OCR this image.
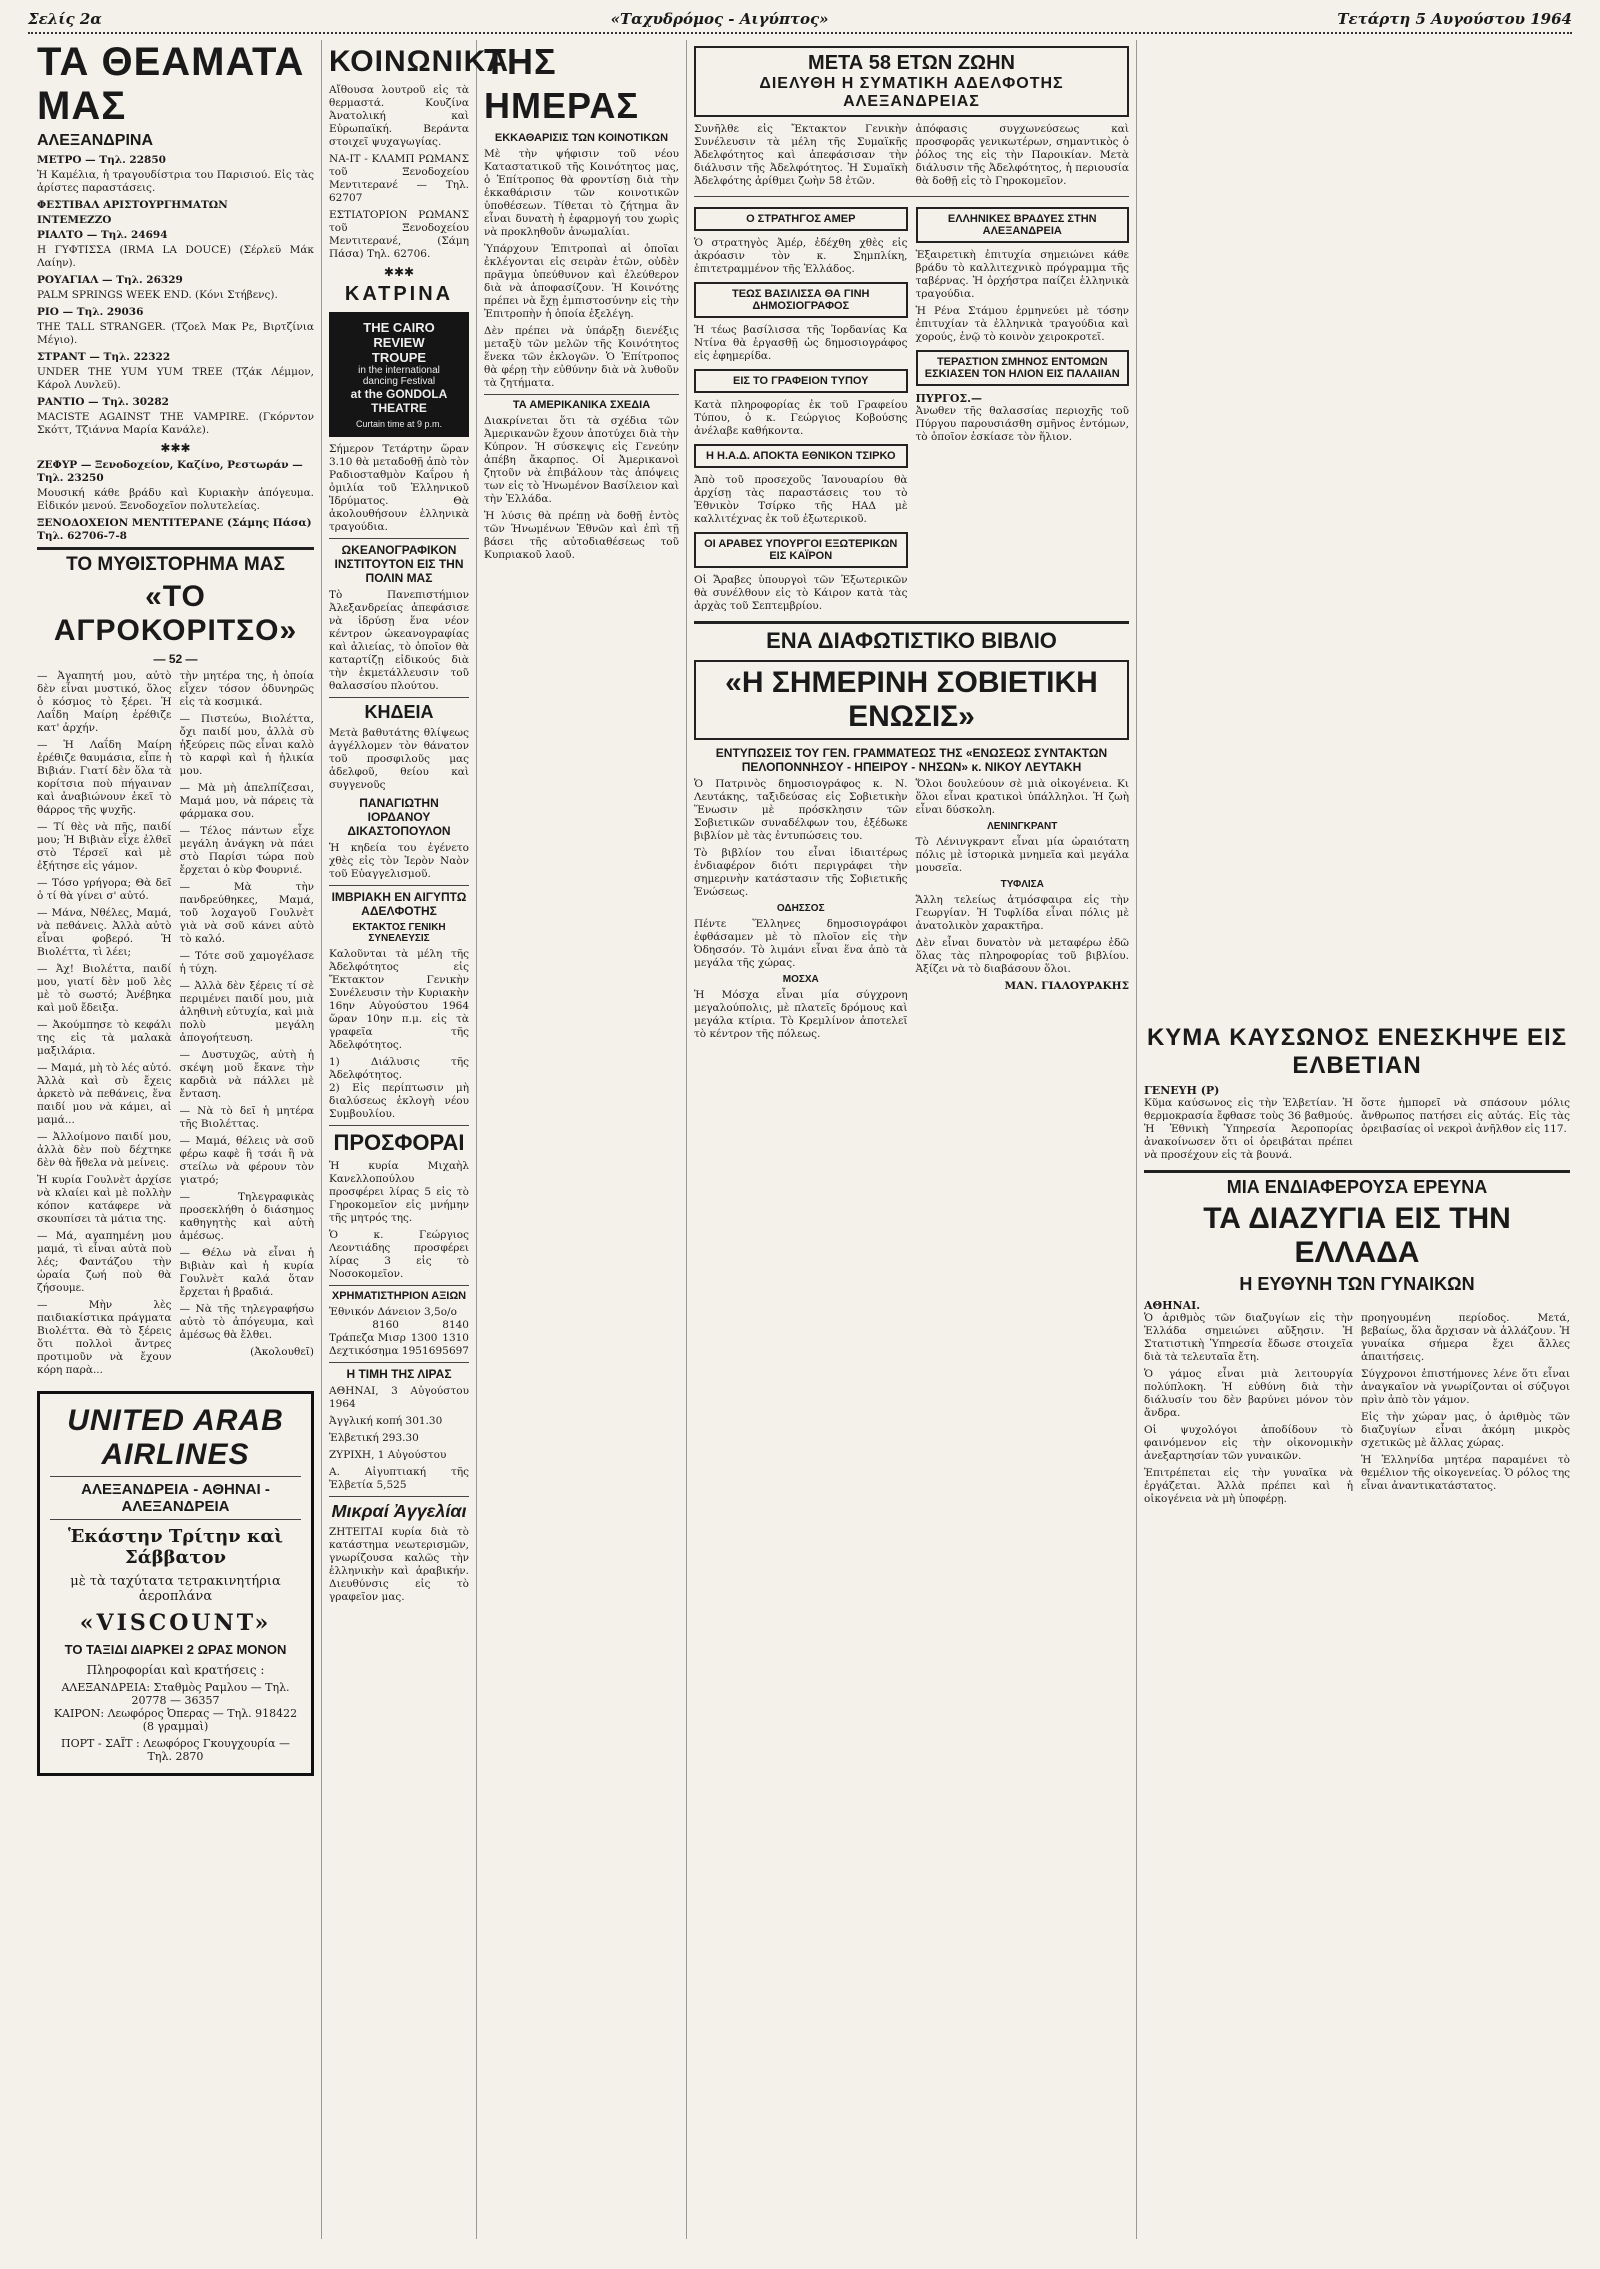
Σελίς 2α	«Ταχυδρόμος - Αιγύπτος»	Τετάρτη 5 Αυγούστου 1964
ΤΑ ΘΕΑΜΑΤΑ ΜΑΣ
ΑΛΕΞΑΝΔΡΙΝΑ
ΜΕΤΡΟ — Τηλ. 22850

Ἡ Καμέλια, ἡ τραγουδίστρια του Παρισιού. Εἰς τὰς ἀρίστες παραστάσεις.

ΦΕΣΤΙΒΑΛ ΑΡΙΣΤΟΥΡΓΗΜΑΤΩΝ
ΙΝΤΕΜΕΖΖΟ
ΡΙΑΛΤΟ — Τηλ. 24694

Η ΓΥΦΤΙΣΣΑ (IRMA LA DOUCE) (Σέρλεϋ Μάκ Λαίην).

ΡΟΥΑΓΙΑΛ — Τηλ. 26329

PALM SPRINGS WEEK END. (Κόνι Στήβενς).

ΡΙΟ — Τηλ. 29036

THE TALL STRANGER. (Τζοελ Μακ Ρε, Βιρτζίνια Μέγιο).

ΣΤΡΑΝΤ — Τηλ. 22322

UNDER THE YUM YUM TREE (Τζάκ Λέμμον, Κάρολ Λυνλεϋ).

ΡΑΝΤΙΟ — Τηλ. 30282

MACISTE AGAINST THE VAMPIRE. (Γκόρντον Σκόττ, Τζιάννα Μαρία Κανάλε).

✱✱✱
ΖΕΦΥΡ — Ξενοδοχείον, Καζίνο, Ρεστωράν — Τηλ. 23250

Μουσική κάθε βράδυ καὶ Κυριακὴν ἀπόγευμα. Εἰδικόν μενού. Ξενοδοχεῖον πολυτελείας.

ΞΕΝΟΔΟΧΕΙΟΝ ΜΕΝΤΙΤΕΡΑΝΕ (Σάμης Πάσα) Τηλ. 62706-7-8
ΤΟ ΜΥΘΙΣΤΟΡΗΜΑ ΜΑΣ
«ΤΟ ΑΓΡΟΚΟΡΙΤΣΟ»
— 52 —

— Ἀγαπητή μου, αὐτὸ δὲν εἶναι μυστικό, ὅλος ὁ κόσμος τὸ ξέρει. Ἡ Λαΐδη Μαίρη ἐρέθιζε κατ' ἀρχήν.

— Ἡ Λαΐδη Μαίρη ἐρέθιζε θαυμάσια, εἶπε ἡ Βιβιάν. Γιατί δὲν ὅλα τὰ κορίτσια ποὺ πήγαιναν καὶ ἀναβιώνουν ἐκεῖ τὸ θάρρος τῆς ψυχῆς.

— Τί θὲς νὰ πῆς, παιδί μου; Ἡ Βιβιὰν εἶχε ἐλθεῖ στὸ Τέρσεϊ καὶ μὲ ἐξήτησε εἰς γάμον.

— Τόσο γρήγορα; Θὰ δεῖ ὁ τί θὰ γίνει σ' αὐτό.

— Μάνα, Νθέλες, Μαμά, νὰ πεθάνεις. Ἀλλὰ αὐτὸ εἶναι φοβερό. Ἡ Βιολέττα, τὶ λέει;

— Ἀχ! Βιολέττα, παιδί μου, γιατί δὲν μοῦ λὲς μὲ τὸ σωστό; Ἀνέβηκα καὶ μοῦ ἔδειξα.

— Ἀκούμπησε τὸ κεφάλι της εἰς τὰ μαλακὰ μαξιλάρια.

— Μαμά, μὴ τὸ λές αὐτό. Ἀλλὰ καὶ σὺ ἔχεις ἀρκετὸ νὰ πεθάνεις, ἕνα παιδί μου νὰ κάμει, αἰ μαμά...

— Ἀλλοίμονο παιδί μου, ἀλλὰ δὲν ποὺ δέχτηκε δὲν θὰ ἤθελα νὰ μείνεις.

Ἡ κυρία Γουλνὲτ ἀρχίσε νὰ κλαίει καὶ μὲ πολλὴν κόπον κατάφερε νὰ σκουπίσει τὰ μάτια της.

— Μά, αγαπημένη μου μαμά, τὶ εἶναι αὐτὰ ποὺ λές; Φαντάζου τὴν ὡραία ζωή ποὺ θὰ ζήσουμε.

— Μὴν λὲς παιδιακίστικα πράγματα Βιολέττα. Θὰ τὸ ξέρεις ὅτι πολλοὶ ἄντρες προτιμοῦν νὰ ἔχουν κόρη παρὰ...

τὴν μητέρα της, ἡ ὁποία εἶχεν τόσον ὀδυνηρῶς εἰς τὰ κοσμικά.

— Πιστεύω, Βιολέττα, ὄχι παιδί μου, ἀλλὰ σὺ ἠξεύρεις πῶς εἶναι καλὸ τὸ καρφὶ καὶ ἡ ἡλικία μου.

— Μὰ μὴ ἀπελπίζεσαι, Μαμά μου, νὰ πάρεις τὰ φάρμακα σου.

— Τέλος πάντων εἶχε μεγάλη ἀνάγκη νὰ πάει στὸ Παρίσι τώρα ποὺ ἔρχεται ὁ κὺρ Φουρνιέ.

— Μὰ τὴν πανδρεύθηκες, Μαμά, τοῦ λοχαγοῦ Γουλνὲτ γιὰ νὰ σοῦ κάνει αὐτὸ τὸ καλό.

— Τότε σοῦ χαμογέλασε ἡ τύχη.

— Ἀλλὰ δὲν ξέρεις τί σὲ περιμένει παιδί μου, μιὰ ἀληθινὴ εὐτυχία, καὶ μιὰ πολὺ μεγάλη ἀπογοήτευση.

— Δυστυχῶς, αὐτὴ ἡ σκέψη μοῦ ἔκανε τὴν καρδιὰ νὰ πάλλει μὲ ἔνταση.

— Νὰ τὸ δεῖ ἡ μητέρα τῆς Βιολέττας.

— Μαμά, θέλεις νὰ σοῦ φέρω καφὲ ἢ τσάι ἢ νὰ στείλω νὰ φέρουν τὸν γιατρό;

— Τηλεγραφικὰς προσεκλήθη ὁ διάσημος καθηγητὴς καὶ αὐτὴ ἀμέσως.

— Θέλω νὰ εἶναι ἡ Βιβιὰν καὶ ἡ κυρία Γουλνὲτ καλά ὅταν ἔρχεται ἡ βραδιά.

— Νὰ τῆς τηλεγραφήσω αὐτὸ τὸ ἀπόγευμα, καὶ ἀμέσως θὰ ἔλθει.

(Ἀκολουθεῖ)

UNITED ARAB AIRLINES
ΑΛΕΞΑΝΔΡΕΙΑ - ΑΘΗΝΑΙ - ΑΛΕΞΑΝΔΡΕΙΑ
Ἑκάστην Τρίτην καὶ Σάββατον
μὲ τὰ ταχύτατα τετρακινητήρια ἀεροπλάνα
«VISCOUNT»
ΤΟ ΤΑΞΙΔΙ ΔΙΑΡΚΕΙ 2 ΩΡΑΣ ΜΟΝΟΝ
Πληροφορίαι καὶ κρατήσεις :
ΑΛΕΞΑΝΔΡΕΙΑ: Σταθμὸς Ραμλου — Τηλ. 20778 — 36357
ΚΑΙΡΟΝ: Λεωφόρος Ὀπερας — Τηλ. 918422 (8 γραμμαὶ)
ΠΟΡΤ - ΣΑΪΤ : Λεωφόρος Γκουγχουρία — Τηλ. 2870
ΚΟΙΝΩΝΙΚΑ

Αἴθουσα λουτροῦ εἰς τὰ θερμαστά. Κουζίνα Ἀνατολική καὶ Εὐρωπαϊκή. Βεράντα στοιχεῖ ψυχαγωγίας.

ΝΑ-ΙΤ - ΚΛΑΜΠ ΡΩΜΑΝΣ τοῦ Ξενοδοχείου Μεντιτερανέ — Τηλ. 62707

ΕΣΤΙΑΤΟΡΙΟΝ ΡΩΜΑΝΣ τοῦ Ξενοδοχείου Μεντιτερανέ, (Σάμη Πάσα) Τηλ. 62706.

✱✱✱
ΚΑΤΡΙΝΑ
THE CAIRO REVIEW
TROUPE
in the international
dancing Festival
at the GONDOLA
THEATRE
Curtain time at 9 p.m.

Σήμερον Τετάρτην ὥραν 3.10 θὰ μεταδοθῇ ἀπὸ τὸν Ραδιοσταθμὸν Καΐρου ἡ ὁμιλία τοῦ Ἑλληνικοῦ Ἱδρύματος. Θὰ ἀκολουθήσουν ἑλληνικὰ τραγούδια.

ΩΚΕΑΝΟΓΡΑΦΙΚΟΝ ΙΝΣΤΙΤΟΥΤΟΝ ΕΙΣ ΤΗΝ ΠΟΛΙΝ ΜΑΣ

Τὸ Πανεπιστήμιον Ἀλεξανδρείας ἀπεφάσισε νὰ ἱδρύσῃ ἕνα νέον κέντρον ὠκεανογραφίας καὶ ἁλιείας, τὸ ὁποῖον θὰ καταρτίζῃ εἰδικούς διὰ τὴν ἐκμετάλλευσιν τοῦ θαλασσίου πλούτου.

ΚΗΔΕΙΑ

Μετὰ βαθυτάτης θλίψεως ἀγγέλλομεν τὸν θάνατον τοῦ προσφιλοῦς μας ἀδελφοῦ, θείου καὶ συγγενοῦς

ΠΑΝΑΓΙΩΤΗΝ ΙΟΡΔΑΝΟΥ ΔΙΚΑΣΤΟΠΟΥΛΟΝ

Ἡ κηδεία του ἐγένετο χθὲς εἰς τὸν Ἱερὸν Ναὸν τοῦ Εὐαγγελισμοῦ.

ΙΜΒΡΙΑΚΗ ΕΝ ΑΙΓΥΠΤΩ ΑΔΕΛΦΟΤΗΣ
ΕΚΤΑΚΤΟΣ ΓΕΝΙΚΗ ΣΥΝΕΛΕΥΣΙΣ

Καλοῦνται τὰ μέλη τῆς Ἀδελφότητος εἰς Ἔκτακτον Γενικὴν Συνέλευσιν τὴν Κυριακὴν 16ην Αὐγούστου 1964 ὥραν 10ην π.μ. εἰς τὰ γραφεῖα τῆς Ἀδελφότητος.

1) Διάλυσις τῆς Ἀδελφότητος.
2) Εἰς περίπτωσιν μὴ διαλύσεως ἐκλογὴ νέου Συμβουλίου.

ΠΡΟΣΦΟΡΑΙ

Ἡ κυρία Μιχαὴλ Κανελλοπούλου προσφέρει λίρας 5 εἰς τὸ Γηροκομεῖον εἰς μνήμην τῆς μητρός της.

Ὁ κ. Γεώργιος Λεοντιάδης προσφέρει λίρας 3 εἰς τὸ Νοσοκομεῖον.

ΧΡΗΜΑΤΙΣΤΗΡΙΟΝ ΑΞΙΩΝ
Ἐθνικόν Δάνειον 3,5ο/ο
8160	8140
Τράπεζα Μισρ 1300 1310
Δεχτικόσημα 1951 695 697
Η ΤΙΜΗ ΤΗΣ ΛΙΡΑΣ

ΑΘΗΝΑΙ, 3 Αὐγούστου 1964

Ἀγγλική κοπή 301.30

Ἑλβετική 293.30

ΖΥΡΙΧΗ, 1 Αὐγούστου

Α. Αἰγυπτιακή τῆς Ἐλβετία 5,525

Μικραί Ἀγγελίαι

ΖΗΤΕΙΤΑΙ κυρία διὰ τὸ κατάστημα νεωτερισμῶν, γνωρίζουσα καλῶς τὴν ἑλληνικὴν καὶ ἀραβικήν. Διευθύνσις εἰς τὸ γραφεῖον μας.

ΤΗΣ ΗΜΕΡΑΣ
ΕΚΚΑΘΑΡΙΣΙΣ ΤΩΝ ΚΟΙΝΟΤΙΚΩΝ

Μὲ τὴν ψήφισιν τοῦ νέου Καταστατικοῦ τῆς Κοινότητος μας, ὁ Ἐπίτροπος θὰ φροντίσῃ διὰ τὴν ἐκκαθάρισιν τῶν κοινοτικῶν ὑποθέσεων. Τίθεται τὸ ζήτημα ἂν εἶναι δυνατὴ ἡ ἐφαρμογή του χωρὶς νὰ προκληθοῦν ἀνωμαλίαι.

Ὑπάρχουν Ἐπιτροπαὶ αἱ ὁποῖαι ἐκλέγονται εἰς σειρὰν ἐτῶν, οὐδὲν πρᾶγμα ὑπεύθυνον καὶ ἐλεύθερον διὰ νὰ ἀποφασίζουν. Ἡ Κοινότης πρέπει νὰ ἔχῃ ἐμπιστοσύνην εἰς τὴν Ἐπιτροπὴν ἡ ὁποία ἐξελέγη.

Δὲν πρέπει νὰ ὑπάρξῃ διενέξις μεταξὺ τῶν μελῶν τῆς Κοινότητος ἕνεκα τῶν ἐκλογῶν. Ὁ Ἐπίτροπος θὰ φέρῃ τὴν εὐθύνην διὰ νὰ λυθοῦν τὰ ζητήματα.

ΤΑ ΑΜΕΡΙΚΑΝΙΚΑ ΣΧΕΔΙΑ

Διακρίνεται ὅτι τὰ σχέδια τῶν Ἀμερικανῶν ἔχουν ἀποτύχει διὰ τὴν Κύπρον. Ἡ σύσκεψις εἰς Γενεύην ἀπέβη ἄκαρπος. Οἱ Ἀμερικανοὶ ζητοῦν νὰ ἐπιβάλουν τὰς ἀπόψεις των εἰς τὸ Ἡνωμένον Βασίλειον καὶ τὴν Ἑλλάδα.

Ἡ λύσις θὰ πρέπῃ νὰ δοθῇ ἐντὸς τῶν Ἡνωμένων Ἐθνῶν καὶ ἐπὶ τῇ βάσει τῆς αὐτοδιαθέσεως τοῦ Κυπριακοῦ λαοῦ.

ΜΕΤΑ 58 ΕΤΩΝ ΖΩΗΝ
ΔΙΕΛΥΘΗ Η ΣΥΜΑΤΙΚΗ ΑΔΕΛΦΟΤΗΣ ΑΛΕΞΑΝΔΡΕΙΑΣ

Συνῆλθε εἰς Ἔκτακτον Γενικὴν Συνέλευσιν τὰ μέλη τῆς Συμαϊκῆς Ἀδελφότητος καὶ ἀπεφάσισαν τὴν διάλυσιν τῆς Ἀδελφότητος. Ἡ Συμαϊκὴ Ἀδελφότης ἀρίθμει ζωὴν 58 ἐτῶν.

ἀπόφασις συγχωνεύσεως καὶ προσφορᾶς γενικωτέρων, σημαντικὸς ὁ ῥόλος της εἰς τὴν Παροικίαν. Μετὰ διάλυσιν τῆς Ἀδελφότητος, ἡ περιουσία θὰ δοθῇ εἰς τὸ Γηροκομεῖον.

Ο ΣΤΡΑΤΗΓΟΣ ΑΜΕΡ

Ὁ στρατηγὸς Ἀμέρ, ἐδέχθη χθὲς εἰς ἀκρόασιν τὸν κ. Σημπλίκη, ἐπιτετραμμένον τῆς Ἑλλάδος.

ΤΕΩΣ ΒΑΣΙΛΙΣΣΑ ΘΑ ΓΙΝΗ ΔΗΜΟΣΙΟΓΡΑΦΟΣ

Ἡ τέως βασίλισσα τῆς Ἰορδανίας Κα Ντίνα θὰ ἐργασθῇ ὡς δημοσιογράφος εἰς ἐφημερίδα.

ΕΙΣ ΤΟ ΓΡΑΦΕΙΟΝ ΤΥΠΟΥ

Κατὰ πληροφορίας ἐκ τοῦ Γραφείου Τύπου, ὁ κ. Γεώργιος Κοβούσης ἀνέλαβε καθήκοντα.

Η Η.Α.Δ. ΑΠΟΚΤΑ ΕΘΝΙΚΟΝ ΤΣΙΡΚΟ

Ἀπὸ τοῦ προσεχοῦς Ἰανουαρίου θὰ ἀρχίσῃ τὰς παραστάσεις του τὸ Ἐθνικὸν Τσίρκο τῆς ΗΑΔ μὲ καλλιτέχνας ἐκ τοῦ ἐξωτερικοῦ.

ΟΙ ΑΡΑΒΕΣ ΥΠΟΥΡΓΟΙ ΕΞΩΤΕΡΙΚΩΝ ΕΙΣ ΚΑΪΡΟΝ

Οἱ Ἄραβες ὑπουργοὶ τῶν Ἐξωτερικῶν θὰ συνέλθουν εἰς τὸ Κάιρον κατὰ τὰς ἀρχὰς τοῦ Σεπτεμβρίου.

ΕΛΛΗΝΙΚΕΣ ΒΡΑΔΥΕΣ ΣΤΗΝ ΑΛΕΞΑΝΔΡΕΙΑ

Ἐξαιρετικὴ ἐπιτυχία σημειώνει κάθε βράδυ τὸ καλλιτεχνικὸ πρόγραμμα τῆς ταβέρνας. Ἡ ὀρχήστρα παίζει ἑλληνικὰ τραγούδια.

Ἡ Ρένα Στάμου ἑρμηνεύει μὲ τόσην ἐπιτυχίαν τὰ ἑλληνικὰ τραγούδια καὶ χορούς, ἐνῷ τὸ κοινὸν χειροκροτεῖ.

ΤΕΡΑΣΤΙΟΝ ΣΜΗΝΟΣ ΕΝΤΟΜΩΝ ΕΣΚΙΑΣΕΝ ΤΟΝ ΗΛΙΟΝ ΕΙΣ ΠΑΛΑΙΙΑΝ
ΠΥΡΓΟΣ.—

Ἀνωθεν τῆς θαλασσίας περιοχῆς τοῦ Πύργου παρουσιάσθη σμῆνος ἐντόμων, τὸ ὁποῖον ἐσκίασε τὸν ἥλιον.

ΕΝΑ ΔΙΑΦΩΤΙΣΤΙΚΟ ΒΙΒΛΙΟ
«Η ΣΗΜΕΡΙΝΗ ΣΟΒΙΕΤΙΚΗ ΕΝΩΣΙΣ»
ΕΝΤΥΠΩΣΕΙΣ ΤΟΥ ΓΕΝ. ΓΡΑΜΜΑΤΕΩΣ ΤΗΣ «ΕΝΩΣΕΩΣ ΣΥΝΤΑΚΤΩΝ ΠΕΛΟΠΟΝΝΗΣΟΥ - ΗΠΕΙΡΟΥ - ΝΗΣΩΝ» κ. ΝΙΚΟΥ ΛΕΥΤΑΚΗ

Ὁ Πατρινὸς δημοσιογράφος κ. Ν. Λευτάκης, ταξιδεύσας εἰς Σοβιετικὴν Ἕνωσιν μὲ πρόσκλησιν τῶν Σοβιετικῶν συναδέλφων του, ἐξέδωκε βιβλίον μὲ τὰς ἐντυπώσεις του.

Τὸ βιβλίον του εἶναι ἰδιαιτέρως ἐνδιαφέρον διότι περιγράφει τὴν σημερινὴν κατάστασιν τῆς Σοβιετικῆς Ἑνώσεως.

ΟΔΗΣΣΟΣ

Πέντε Ἕλληνες δημοσιογράφοι ἐφθάσαμεν μὲ τὸ πλοῖον εἰς τὴν Ὀδησσόν. Τὸ λιμάνι εἶναι ἕνα ἀπὸ τὰ μεγάλα τῆς χώρας.

ΜΟΣΧΑ

Ἡ Μόσχα εἶναι μία σύγχρονη μεγαλούπολις, μὲ πλατεῖς δρόμους καὶ μεγάλα κτίρια. Τὸ Κρεμλίνον ἀποτελεῖ τὸ κέντρον τῆς πόλεως.

Ὅλοι δουλεύουν σὲ μιὰ οἰκογένεια. Κι ὅλοι εἶναι κρατικοὶ ὑπάλληλοι. Ἡ ζωὴ εἶναι δύσκολη.

ΛΕΝΙΝΓΚΡΑΝΤ

Τὸ Λένινγκραντ εἶναι μία ὡραιότατη πόλις μὲ ἱστορικὰ μνημεῖα καὶ μεγάλα μουσεῖα.

ΤΥΦΛΙΣΑ

Ἄλλη τελείως ἀτμόσφαιρα εἰς τὴν Γεωργίαν. Ἡ Τυφλίδα εἶναι πόλις μὲ ἀνατολικὸν χαρακτῆρα.

Δὲν εἶναι δυνατὸν νὰ μεταφέρω ἐδῶ ὅλας τὰς πληροφορίας τοῦ βιβλίου. Ἀξίζει νὰ τὸ διαβάσουν ὅλοι.

ΜΑΝ. ΓΙΑΛΟΥΡΑΚΗΣ

ΚΥΜΑ ΚΑΥΣΩΝΟΣ ΕΝΕΣΚΗΨΕ ΕΙΣ ΕΛΒΕΤΙΑΝ
ΓΕΝΕΥΗ (Ρ)

Κῦμα καύσωνος εἰς τὴν Ἐλβετίαν. Ἡ θερμοκρασία ἔφθασε τοὺς 36 βαθμούς. Ἡ Ἐθνικὴ Ὑπηρεσία Ἀεροπορίας ἀνακοίνωσεν ὅτι οἱ ὀρειβάται πρέπει νὰ προσέχουν εἰς τὰ βουνά.

ὅστε ἠμπορεῖ νὰ σπάσουν μόλις ἄνθρωπος πατήσει εἰς αὐτάς. Εἰς τὰς ὀρειβασίας οἱ νεκροὶ ἀνῆλθον εἰς 117.

ΜΙΑ ΕΝΔΙΑΦΕΡΟΥΣΑ ΕΡΕΥΝΑ
ΤΑ ΔΙΑΖΥΓΙΑ ΕΙΣ ΤΗΝ ΕΛΛΑΔΑ
Η ΕΥΘΥΝΗ ΤΩΝ ΓΥΝΑΙΚΩΝ
ΑΘΗΝΑΙ.

Ὁ ἀριθμὸς τῶν διαζυγίων εἰς τὴν Ἑλλάδα σημειώνει αὔξησιν. Ἡ Στατιστικὴ Ὑπηρεσία ἔδωσε στοιχεῖα διὰ τὰ τελευταῖα ἔτη.

Ὁ γάμος εἶναι μιὰ λειτουργία πολύπλοκη. Ἡ εὐθύνη διὰ τὴν διάλυσίν του δὲν βαρύνει μόνον τὸν ἄνδρα.

Οἱ ψυχολόγοι ἀποδίδουν τὸ φαινόμενον εἰς τὴν οἰκονομικὴν ἀνεξαρτησίαν τῶν γυναικῶν.

Ἐπιτρέπεται εἰς τὴν γυναῖκα νὰ ἐργάζεται. Ἀλλὰ πρέπει καὶ ἡ οἰκογένεια νὰ μὴ ὑποφέρῃ.

προηγουμένη περίοδος. Μετά, βεβαίως, ὅλα ἄρχισαν νὰ ἀλλάζουν. Ἡ γυναίκα σήμερα ἔχει ἄλλες ἀπαιτήσεις.

Σύγχρονοι ἐπιστήμονες λένε ὅτι εἶναι ἀναγκαῖον νὰ γνωρίζονται οἱ σύζυγοι πρὶν ἀπὸ τὸν γάμον.

Εἰς τὴν χώραν μας, ὁ ἀριθμὸς τῶν διαζυγίων εἶναι ἀκόμη μικρὸς σχετικῶς μὲ ἄλλας χώρας.

Ἡ Ἑλληνίδα μητέρα παραμένει τὸ θεμέλιον τῆς οἰκογενείας. Ὁ ρόλος της εἶναι ἀναντικατάστατος.
